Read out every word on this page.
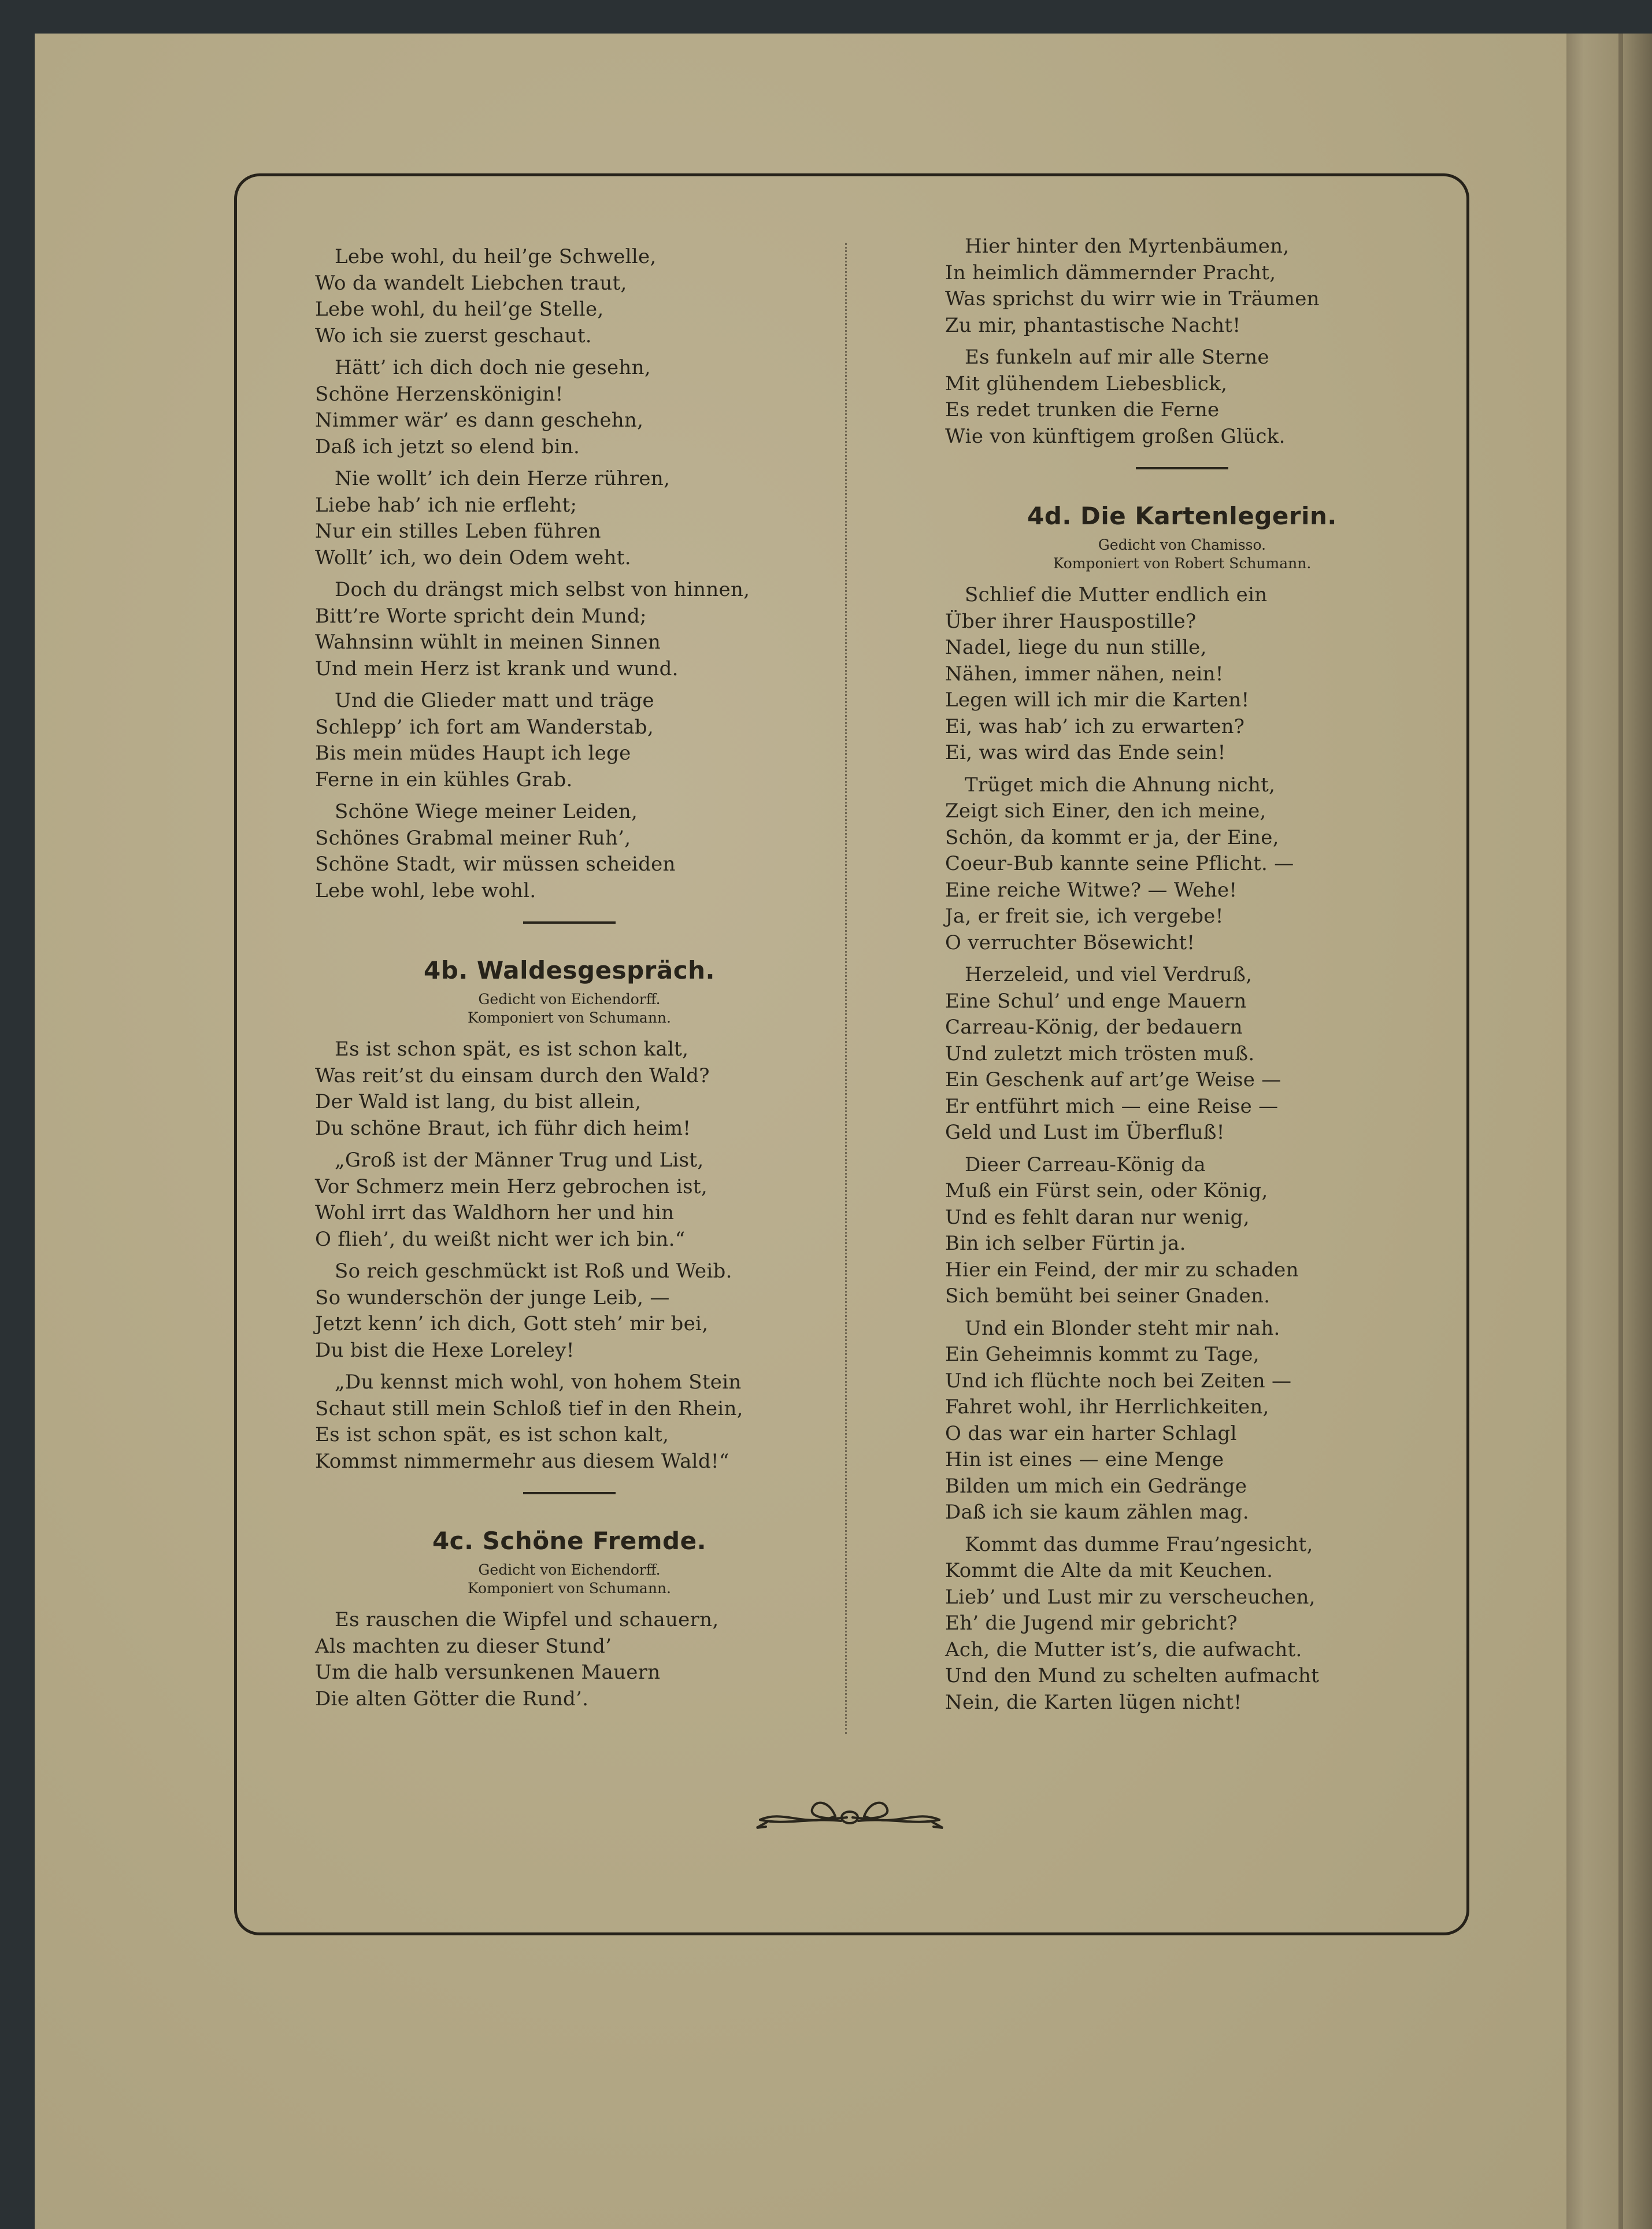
Lebe wohl, du heil’ge Schwelle,
Wo da wandelt Liebchen traut,
Lebe wohl, du heil’ge Stelle,
Wo ich sie zuerst geschaut.
Hätt’ ich dich doch nie gesehn,
Schöne Herzenskönigin!
Nimmer wär’ es dann geschehn,
Daß ich jetzt so elend bin.
Nie wollt’ ich dein Herze rühren,
Liebe hab’ ich nie erfleht;
Nur ein stilles Leben führen
Wollt’ ich, wo dein Odem weht.
Doch du drängst mich selbst von hinnen,
Bitt’re Worte spricht dein Mund;
Wahnsinn wühlt in meinen Sinnen
Und mein Herz ist krank und wund.
Und die Glieder matt und träge
Schlepp’ ich fort am Wanderstab,
Bis mein müdes Haupt ich lege
Ferne in ein kühles Grab.
Schöne Wiege meiner Leiden,
Schönes Grabmal meiner Ruh’,
Schöne Stadt, wir müssen scheiden
Lebe wohl, lebe wohl.
4b. Waldesgespräch.
Gedicht von Eichendorff.
Komponiert von Schumann.
Es ist schon spät, es ist schon kalt,
Was reit’st du einsam durch den Wald?
Der Wald ist lang, du bist allein,
Du schöne Braut, ich führ dich heim!
„Groß ist der Männer Trug und List,
Vor Schmerz mein Herz gebrochen ist,
Wohl irrt das Waldhorn her und hin
O flieh’, du weißt nicht wer ich bin.“
So reich geschmückt ist Roß und Weib.
So wunderschön der junge Leib, —
Jetzt kenn’ ich dich, Gott steh’ mir bei,
Du bist die Hexe Loreley!
„Du kennst mich wohl, von hohem Stein
Schaut still mein Schloß tief in den Rhein,
Es ist schon spät, es ist schon kalt,
Kommst nimmermehr aus diesem Wald!“
4c. Schöne Fremde.
Gedicht von Eichendorff.
Komponiert von Schumann.
Es rauschen die Wipfel und schauern,
Als machten zu dieser Stund’
Um die halb versunkenen Mauern
Die alten Götter die Rund’.
Hier hinter den Myrtenbäumen,
In heimlich dämmernder Pracht,
Was sprichst du wirr wie in Träumen
Zu mir, phantastische Nacht!
Es funkeln auf mir alle Sterne
Mit glühendem Liebesblick,
Es redet trunken die Ferne
Wie von künftigem großen Glück.
4d. Die Kartenlegerin.
Gedicht von Chamisso.
Komponiert von Robert Schumann.
Schlief die Mutter endlich ein
Über ihrer Hauspostille?
Nadel, liege du nun stille,
Nähen, immer nähen, nein!
Legen will ich mir die Karten!
Ei, was hab’ ich zu erwarten?
Ei, was wird das Ende sein!
Trüget mich die Ahnung nicht,
Zeigt sich Einer, den ich meine,
Schön, da kommt er ja, der Eine,
Coeur-Bub kannte seine Pflicht. —
Eine reiche Witwe? — Wehe!
Ja, er freit sie, ich vergebe!
O verruchter Bösewicht!
Herzeleid, und viel Verdruß,
Eine Schul’ und enge Mauern
Carreau-König, der bedauern
Und zuletzt mich trösten muß.
Ein Geschenk auf art’ge Weise —
Er entführt mich — eine Reise —
Geld und Lust im Überfluß!
Dieer Carreau-König da
Muß ein Fürst sein, oder König,
Und es fehlt daran nur wenig,
Bin ich selber Fürtin ja.
Hier ein Feind, der mir zu schaden
Sich bemüht bei seiner Gnaden.
Und ein Blonder steht mir nah.
Ein Geheimnis kommt zu Tage,
Und ich flüchte noch bei Zeiten —
Fahret wohl, ihr Herrlichkeiten,
O das war ein harter Schlagl
Hin ist eines — eine Menge
Bilden um mich ein Gedränge
Daß ich sie kaum zählen mag.
Kommt das dumme Frau’ngesicht,
Kommt die Alte da mit Keuchen.
Lieb’ und Lust mir zu verscheuchen,
Eh’ die Jugend mir gebricht?
Ach, die Mutter ist’s, die aufwacht.
Und den Mund zu schelten aufmacht
Nein, die Karten lügen nicht!
